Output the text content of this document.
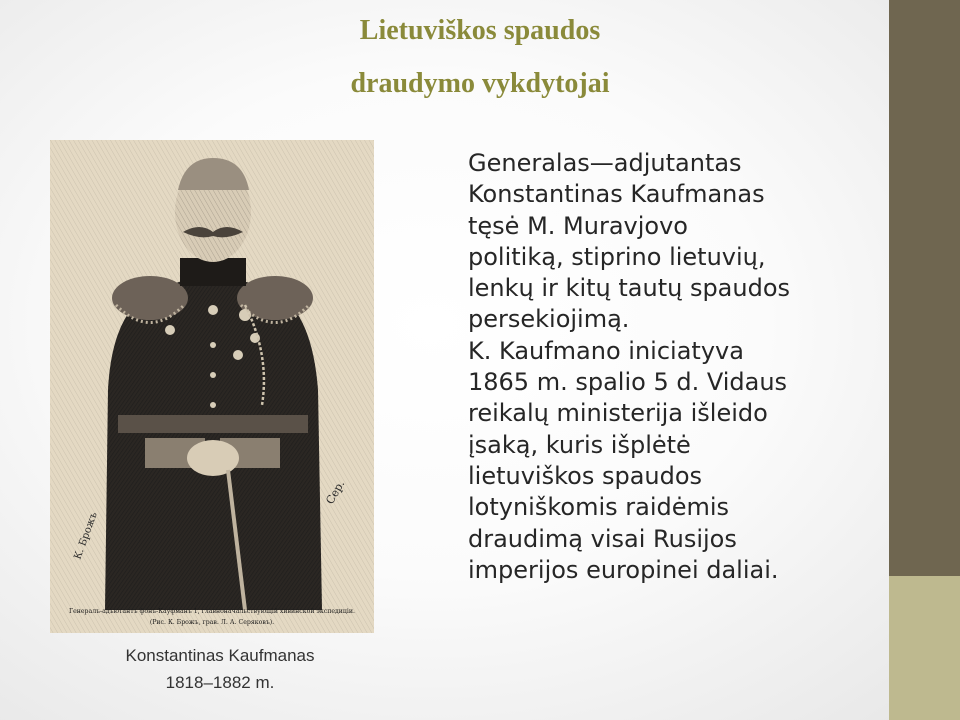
Lietuviškos spaudos
draudymo vykdytojai
К. Брожъ
Сер.
Генералъ-адъютантъ фонъ-Кауфманъ 1, главноначальствующій хивинской экспедиціи.
(Рис. К. Брожъ, грав. Л. А. Серяковъ).
Konstantinas Kaufmanas
1818–1882 m.
Generalas—adjutantas
Konstantinas Kaufmanas
tęsė M. Muravjovo
politiką, stiprino lietuvių,
lenkų ir kitų tautų spaudos
persekiojimą.
K. Kaufmano iniciatyva
1865 m. spalio 5 d. Vidaus
reikalų ministerija išleido
įsaką, kuris išplėtė
lietuviškos spaudos
lotyniškomis raidėmis
draudimą visai Rusijos
imperijos europinei daliai.
